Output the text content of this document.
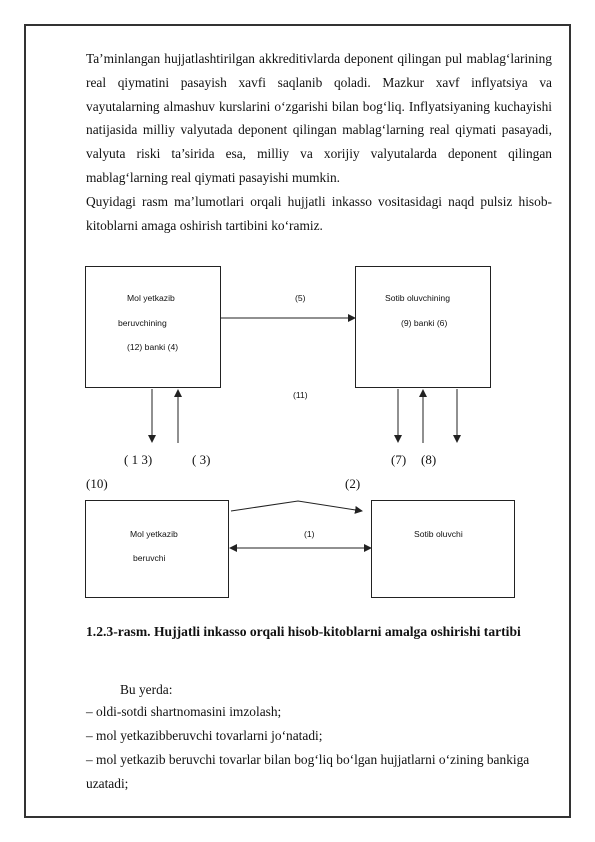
Ta’minlangan hujjatlashtirilgan akkreditivlarda deponent qilingan pul mablag‘larining real qiymatini pasayish xavfi saqlanib qoladi. Mazkur xavf inflyatsiya va vayutalarning almashuv kurslarini o‘zgarishi bilan bog‘liq. Inflyatsiyaning kuchayishi natijasida milliy valyutada deponent qilingan mablag‘larning real qiymati pasayadi, valyuta riski ta’sirida esa, milliy va xorijiy valyutalarda deponent qilingan mablag‘larning real qiymati pasayishi mumkin.
Quyidagi rasm ma’lumotlari orqali hujjatli inkasso vositasidagi naqd pulsiz hisob-kitoblarni amaga oshirish tartibini ko‘ramiz.
Mol yetkazib
beruvchining
(12) banki (4)
Sotib oluvchining
(9) banki (6)
(5)
(11)
( 1 3)	( 3)	(7) (8)
(10)	(2)
Mol yetkazib
beruvchi
Sotib oluvchi
(1)
1.2.3-rasm. Hujjatli inkasso orqali hisob-kitoblarni amalga oshirishi tartibi
Bu yerda:
– oldi-sotdi shartnomasini imzolash;
– mol yetkazibberuvchi tovarlarni jo‘natadi;
– mol yetkazib beruvchi tovarlar bilan bog‘liq bo‘lgan hujjatlarni o‘zining bankiga
uzatadi;
